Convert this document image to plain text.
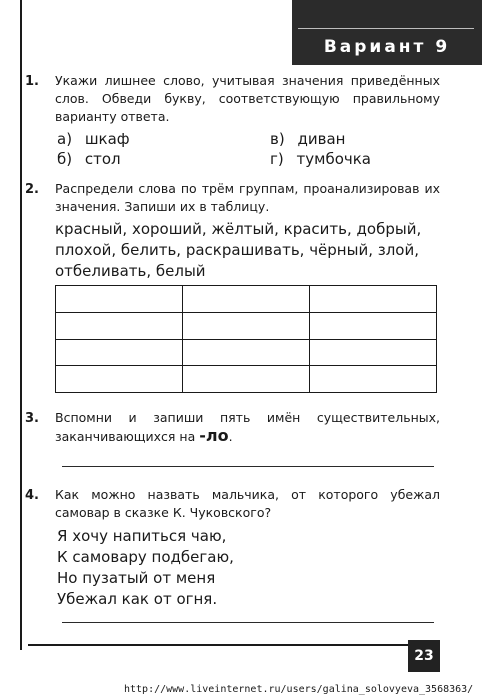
Вариант 9
1. Укажи лишнее слово, учитывая значения приведённых слов. Обведи букву, соответствующую правильному варианту ответа.
а) шкаф	в) диван
б) стол	г) тумбочка
2. Распредели слова по трём группам, проанализировав их значения. Запиши их в таблицу.
красный, хороший, жёлтый, красить, добрый, плохой, белить, раскрашивать, чёрный, злой, отбеливать, белый

3. Вспомни и запиши пять имён существительных, заканчивающихся на -ло.
4. Как можно назвать мальчика, от которого убежал самовар в сказке К. Чуковского?
Я хочу напиться чаю,
К самовару подбегаю,
Но пузатый от меня
Убежал как от огня.
23
http://www.liveinternet.ru/users/galina_solovyeva_3568363/
